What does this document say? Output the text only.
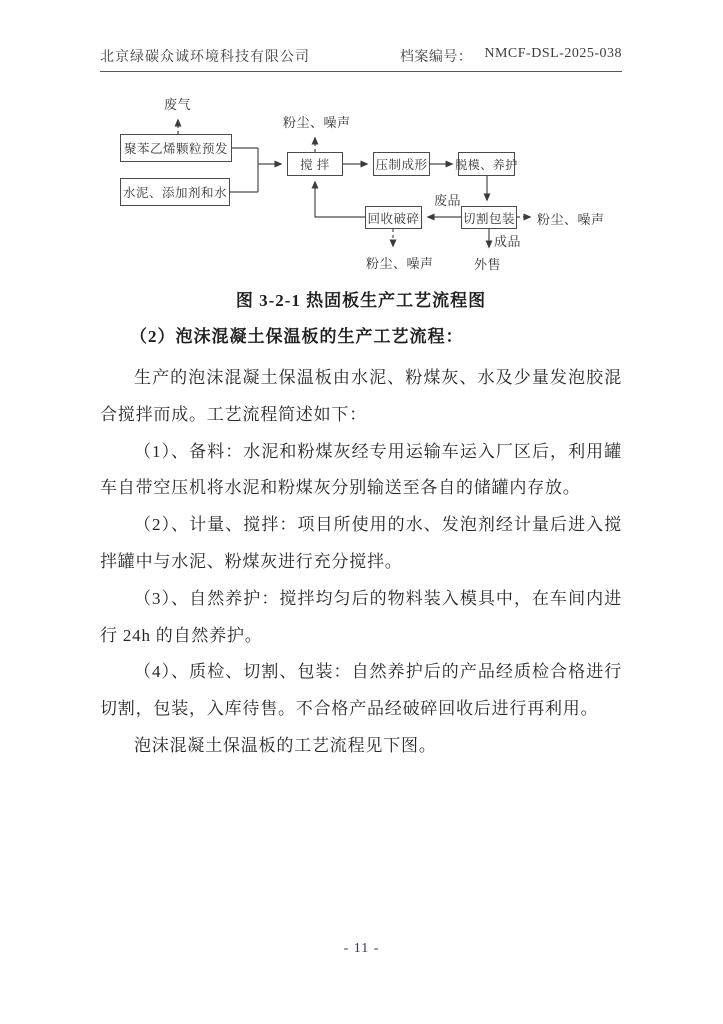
北京绿碳众诚环境科技有限公司	档案编号： NMCF-DSL-2025-038
聚苯乙烯颗粒预发
水泥、添加剂和水
搅 拌	压制成形 脱模、养护
回收破碎	切割包装
废气
粉尘、噪声
废品
粉尘、噪声
成品
外售
粉尘、噪声
图 3-2-1 热固板生产工艺流程图
（2）泡沫混凝土保温板的生产工艺流程：

生产的泡沫混凝土保温板由水泥、粉煤灰、水及少量发泡胶混合搅拌而成。工艺流程简述如下：

（1）、备料：水泥和粉煤灰经专用运输车运入厂区后，利用罐车自带空压机将水泥和粉煤灰分别输送至各自的储罐内存放。

（2）、计量、搅拌：项目所使用的水、发泡剂经计量后进入搅拌罐中与水泥、粉煤灰进行充分搅拌。

（3）、自然养护：搅拌均匀后的物料装入模具中，在车间内进行 24h 的自然养护。

（4）、质检、切割、包装：自然养护后的产品经质检合格进行切割，包装，入库待售。不合格产品经破碎回收后进行再利用。

泡沫混凝土保温板的工艺流程见下图。

- 11 -
